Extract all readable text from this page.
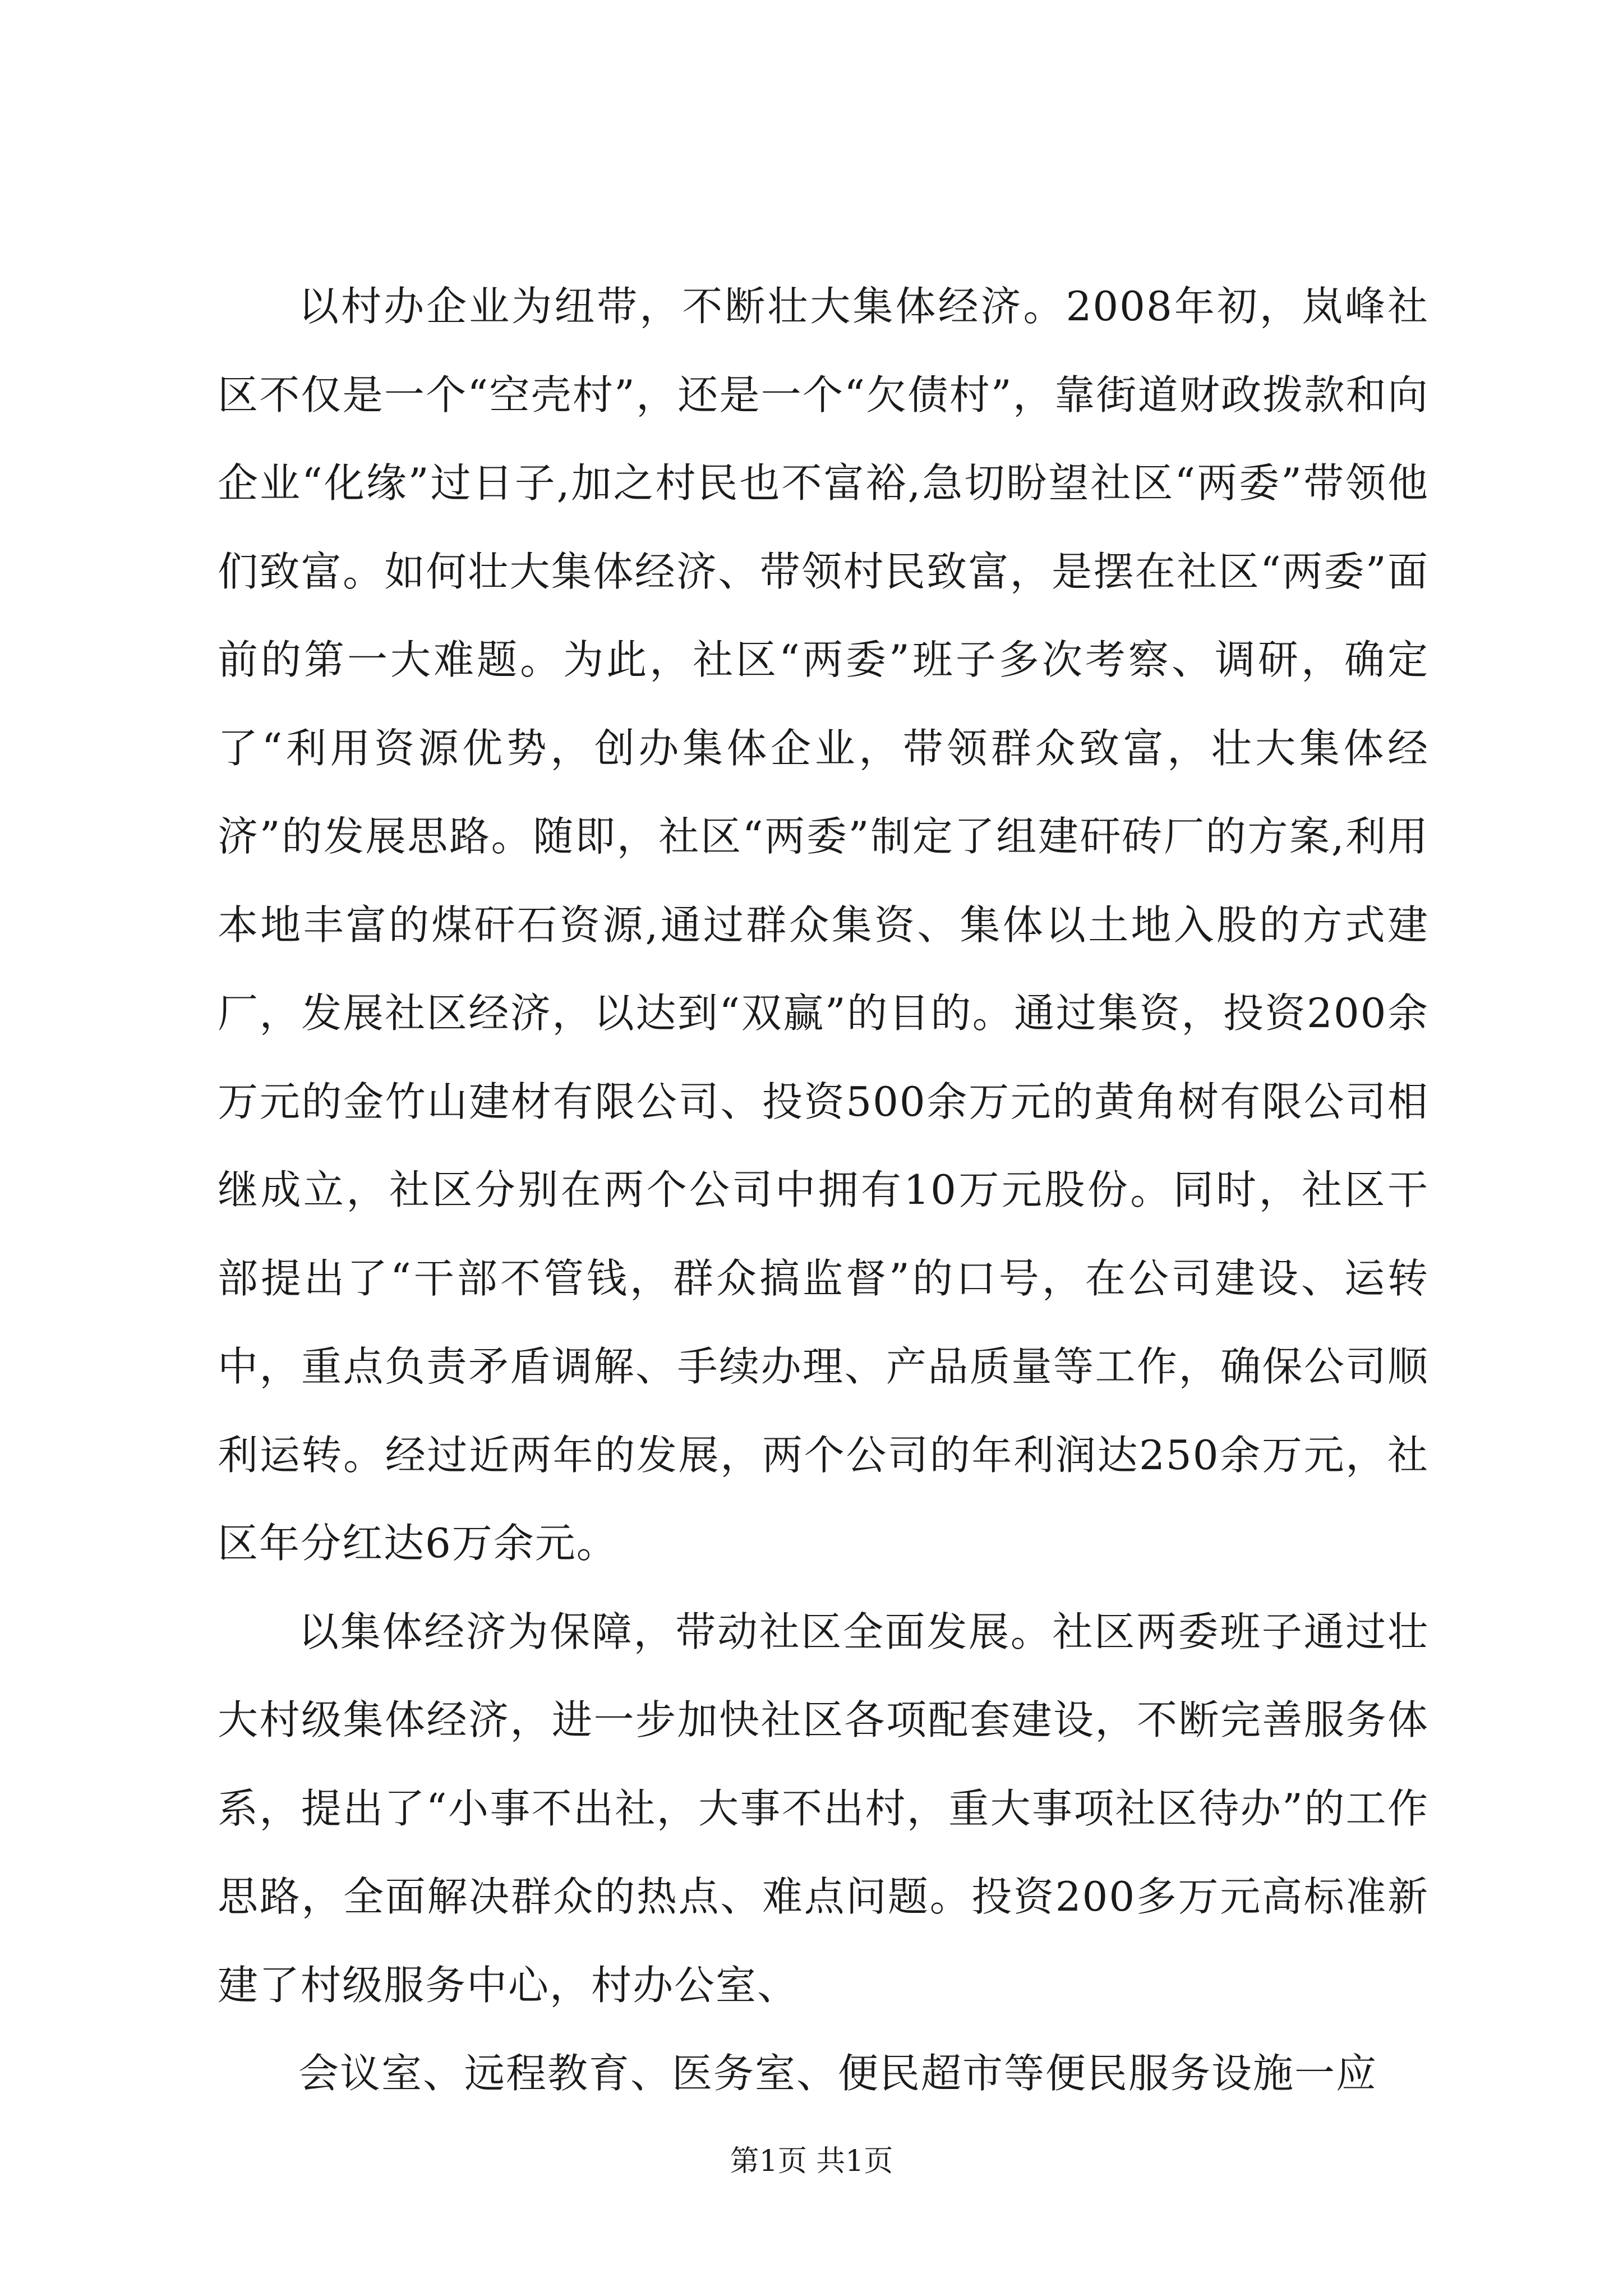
以村办企业为纽带，不断壮大集体经济。2008年初，岚峰社区不仅是一个“空壳村”，还是一个“欠债村”，靠街道财政拨款和向企业“化缘”过日子,加之村民也不富裕,急切盼望社区“两委”带领他们致富。如何壮大集体经济、带领村民致富，是摆在社区“两委”面前的第一大难题。为此，社区“两委”班子多次考察、调研，确定了“利用资源优势，创办集体企业，带领群众致富，壮大集体经济”的发展思路。随即，社区“两委”制定了组建矸砖厂的方案,利用本地丰富的煤矸石资源,通过群众集资、集体以土地入股的方式建厂，发展社区经济，以达到“双赢”的目的。通过集资，投资200余万元的金竹山建材有限公司、投资500余万元的黄角树有限公司相继成立，社区分别在两个公司中拥有10万元股份。同时，社区干部提出了“干部不管钱，群众搞监督”的口号，在公司建设、运转中，重点负责矛盾调解、手续办理、产品质量等工作，确保公司顺利运转。经过近两年的发展，两个公司的年利润达250余万元，社区年分红达6万余元。

以集体经济为保障，带动社区全面发展。社区两委班子通过壮大村级集体经济，进一步加快社区各项配套建设，不断完善服务体系，提出了“小事不出社，大事不出村，重大事项社区待办”的工作思路，全面解决群众的热点、难点问题。投资200多万元高标准新建了村级服务中心，村办公室、

会议室、远程教育、医务室、便民超市等便民服务设施一应

第1页 共1页
